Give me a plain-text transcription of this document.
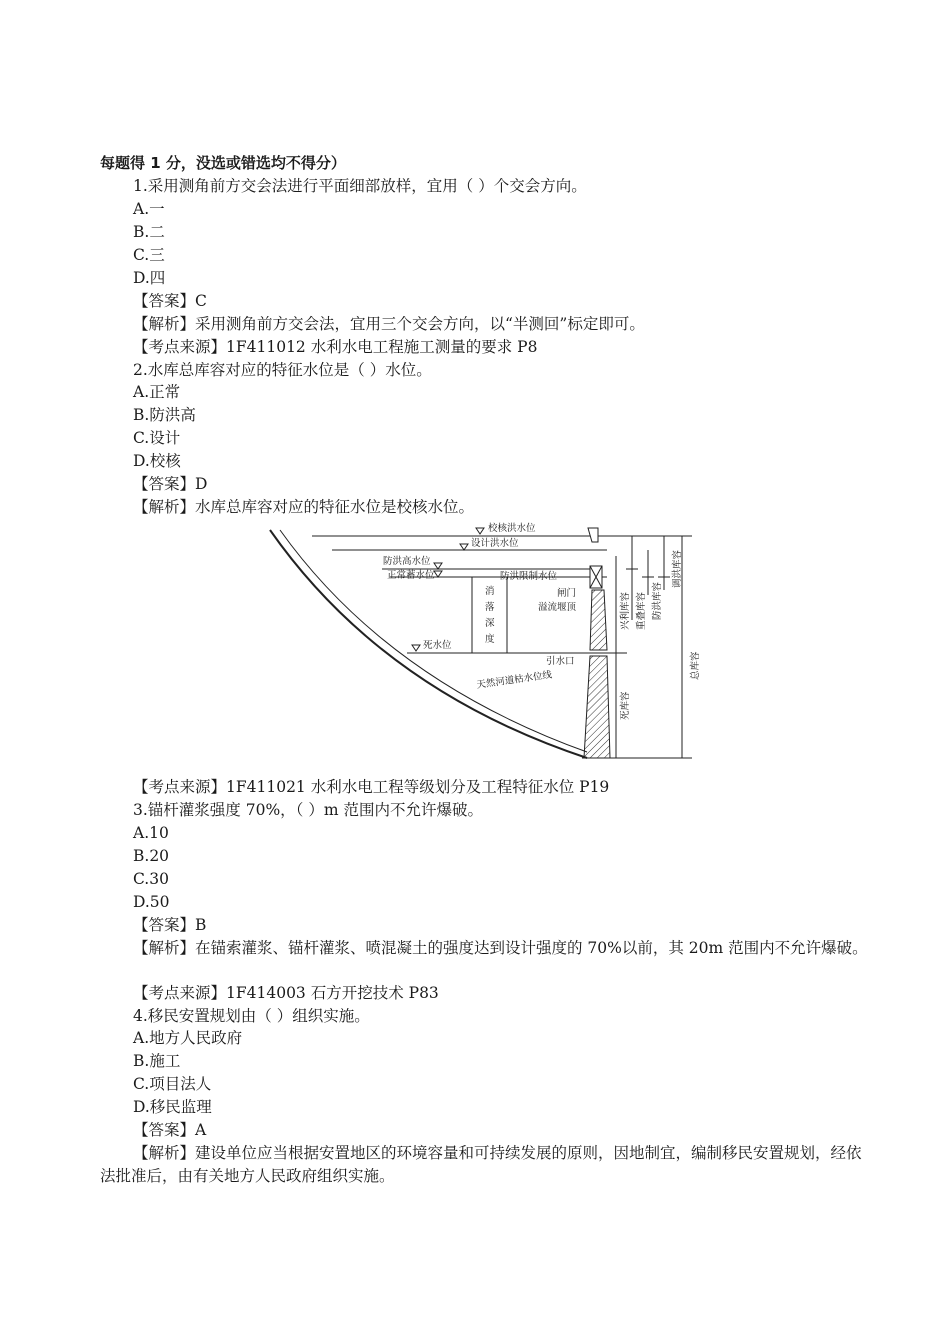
每题得 1 分，没选或错选均不得分）
1.采用测角前方交会法进行平面细部放样，宜用（ ）个交会方向。
A.一
B.二
C.三
D.四
【答案】C
【解析】采用测角前方交会法，宜用三个交会方向，以“半测回”标定即可。
【考点来源】1F411012 水利水电工程施工测量的要求 P8
2.水库总库容对应的特征水位是（ ）水位。
A.正常
B.防洪高
C.设计
D.校核
【答案】D
【解析】水库总库容对应的特征水位是校核水位。
校核洪水位
设计洪水位
防洪高水位
正常蓄水位	防洪限制水位
死水位
天然河道枯水位线
消
落
深
度
闸门
溢流堰顶
引水口
兴利库容
死库容
重叠库容 防洪库容
调洪库容
总库容
【考点来源】1F411021 水利水电工程等级划分及工程特征水位 P19
3.锚杆灌浆强度 70%，（ ）m 范围内不允许爆破。
A.10
B.20
C.30
D.50
【答案】B
【解析】在锚索灌浆、锚杆灌浆、喷混凝土的强度达到设计强度的 70%以前，其 20m 范围内不允许爆破。
【考点来源】1F414003 石方开挖技术 P83
4.移民安置规划由（ ）组织实施。
A.地方人民政府
B.施工
C.项目法人
D.移民监理
【答案】A
【解析】建设单位应当根据安置地区的环境容量和可持续发展的原则，因地制宜，编制移民安置规划，经依法批准后，由有关地方人民政府组织实施。
